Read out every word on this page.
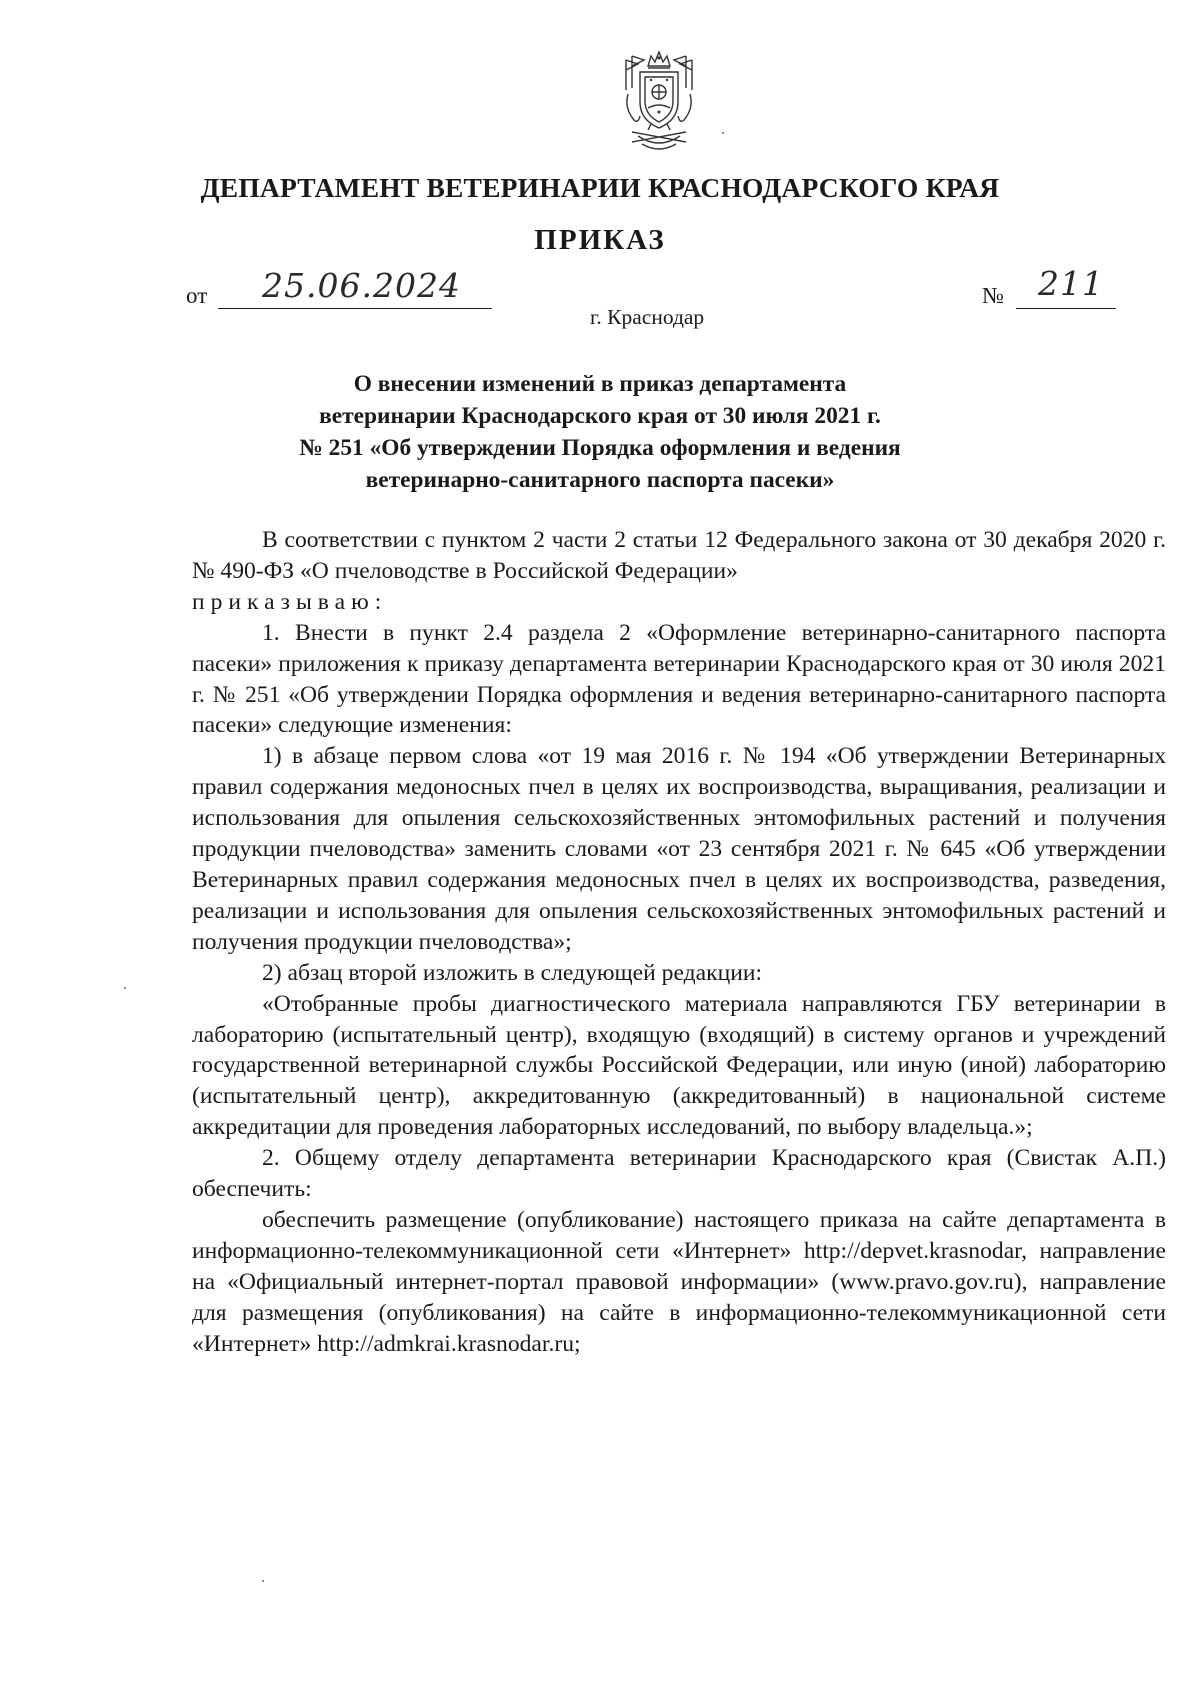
ДЕПАРТАМЕНТ ВЕТЕРИНАРИИ КРАСНОДАРСКОГО КРАЯ
ПРИКАЗ
от 25.06.2024	№ 211
г. Краснодар
О внесении изменений в приказ департамента
ветеринарии Краснодарского края от 30 июля 2021 г.
№ 251 «Об утверждении Порядка оформления и ведения
ветеринарно-санитарного паспорта пасеки»

В соответствии с пунктом 2 части 2 статьи 12 Федерального закона от 30 декабря 2020 г. № 490-ФЗ «О пчеловодстве в Российской Федерации»

приказываю:

1. Внести в пункт 2.4 раздела 2 «Оформление ветеринарно-санитарного паспорта пасеки» приложения к приказу департамента ветеринарии Краснодарского края от 30 июля 2021 г. № 251 «Об утверждении Порядка оформления и ведения ветеринарно-санитарного паспорта пасеки» следующие изменения:

1) в абзаце первом слова «от 19 мая 2016 г. № 194 «Об утверждении Ветеринарных правил содержания медоносных пчел в целях их воспроизводства, выращивания, реализации и использования для опыления сельскохозяйственных энтомофильных растений и получения продукции пчеловодства» заменить словами «от 23 сентября 2021 г. № 645 «Об утверждении Ветеринарных правил содержания медоносных пчел в целях их воспроизводства, разведения, реализации и использования для опыления сельскохозяйственных энтомофильных растений и получения продукции пчеловодства»;

2) абзац второй изложить в следующей редакции:

«Отобранные пробы диагностического материала направляются ГБУ ветеринарии в лабораторию (испытательный центр), входящую (входящий) в систему органов и учреждений государственной ветеринарной службы Российской Федерации, или иную (иной) лабораторию (испытательный центр), аккредитованную (аккредитованный) в национальной системе аккредитации для проведения лабораторных исследований, по выбору владельца.»;

2. Общему отделу департамента ветеринарии Краснодарского края (Свистак А.П.) обеспечить:

обеспечить размещение (опубликование) настоящего приказа на сайте департамента в информационно-телекоммуникационной сети «Интернет» http://depvet.krasnodar, направление на «Официальный интернет-портал правовой информации» (www.pravo.gov.ru), направление для размещения (опубликования) на сайте в информационно-телекоммуникационной сети «Интернет» http://admkrai.krasnodar.ru;
